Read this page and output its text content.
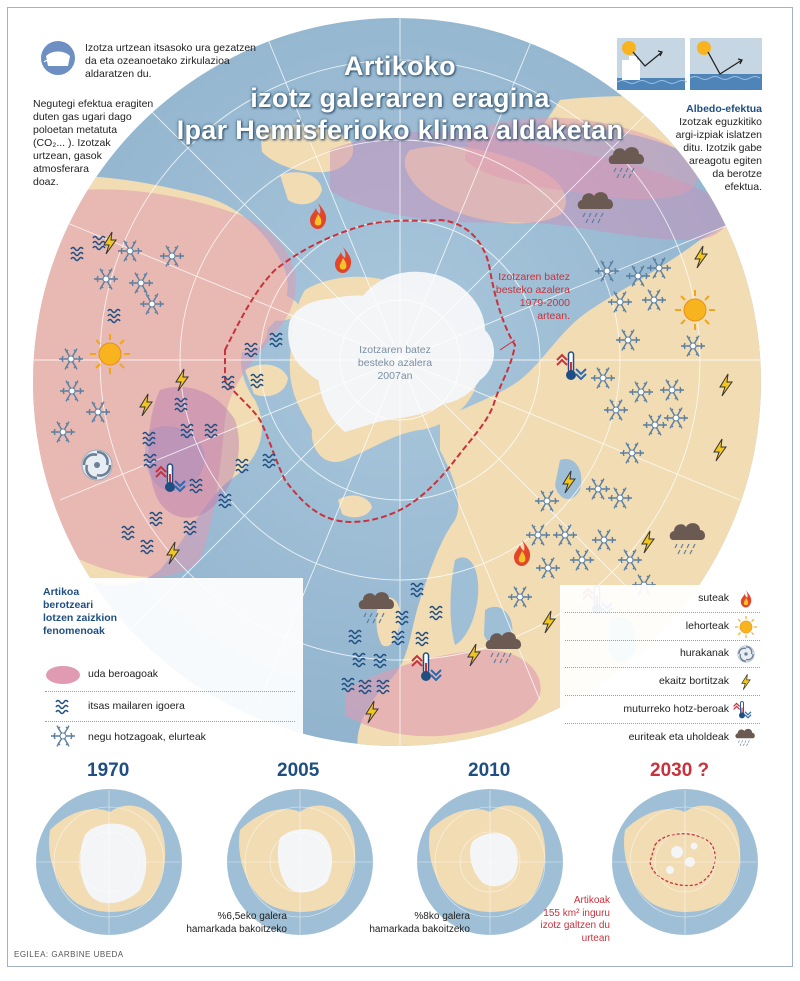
Artikoko
izotz galeraren eragina
Ipar Hemisferioko klima aldaketan
Izotza urtzean itsasoko ura gezatzen
da eta ozeanoetako zirkulazioa
aldaratzen du.
Negutegi efektua eragiten
duten gas ugari dago
poloetan metatuta
(CO₂... ). Izotzak
urtzean, gasok
atmosferara
doaz.
Albedo-efektua
Izotzak eguzkitiko
argi-izpiak islatzen
ditu. Izotzik gabe
areagotu egiten
da berotze
efektua.
Izotzaren batez
besteko azalera
2007an
Izotzaren batez
besteko azalera
1979-2000
artean.
Artikoa
berotzeari
lotzen zaizkion
fenomenoak
uda beroagoak
itsas mailaren igoera
negu hotzagoak, elurteak
suteak
lehorteak
hurakanak
ekaitz bortitzak
muturreko hotz-beroak
euriteak eta uholdeak
1970	2005	2010	2030 ?
%6,5eko galera
hamarkada bakoitzeko
%8ko galera
hamarkada bakoitzeko
Artikoak
155 km² inguru
izotz galtzen du urtean
EGILEA: GARBINE UBEDA
